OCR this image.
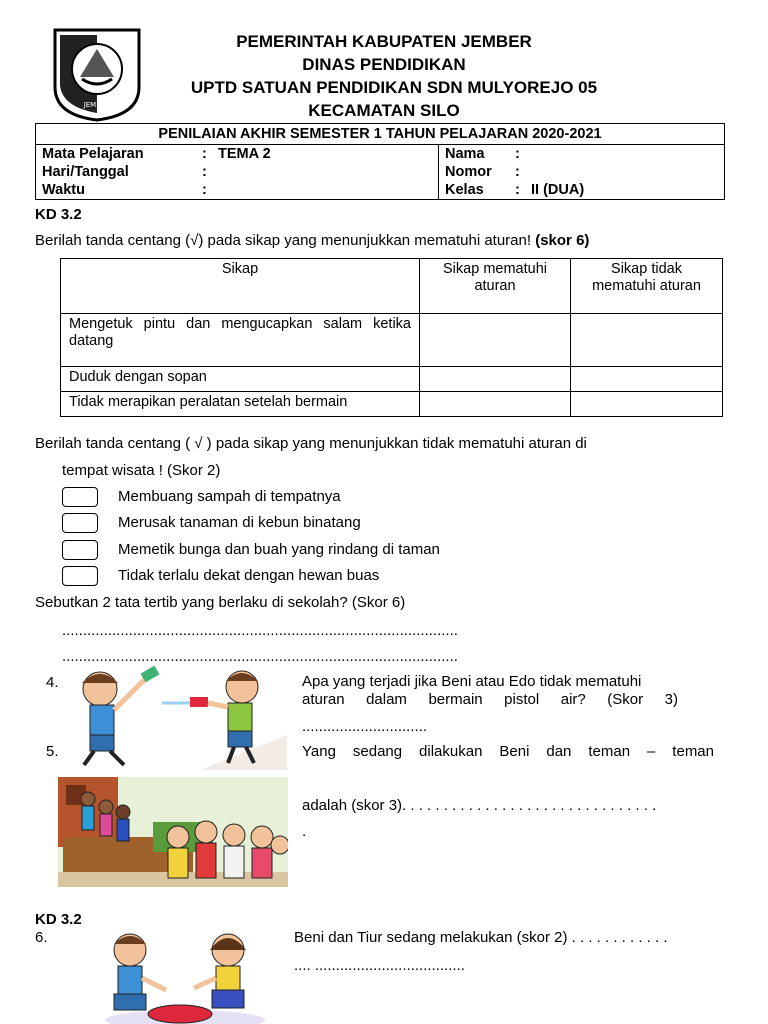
JEMBER
PEMERINTAH KABUPATEN JEMBER
DINAS PENDIDIKAN
UPTD SATUAN PENDIDIKAN SDN MULYOREJO 05
KECAMATAN SILO
PENILAIAN AKHIR SEMESTER 1 TAHUN PELAJARAN 2020-2021
Mata Pelajaran	: TEMA 2
Hari/Tanggal	:
Waktu	:
Nama	:
Nomor	:
Kelas	: II (DUA)
KD 3.2
Berilah tanda centang (√) pada sikap yang menunjukkan mematuhi aturan! (skor 6)
Sikap	Sikap mematuhi aturan	Sikap tidak mematuhi aturan
Mengetuk pintu dan mengucapkan salam ketika datang		
Duduk dengan sopan		
Tidak merapikan peralatan setelah bermain		
Berilah tanda centang ( √ ) pada sikap yang menunjukkan tidak mematuhi aturan di
tempat wisata ! (Skor 2)
Membuang sampah di tempatnya
Merusak tanaman di kebun binatang
Memetik bunga dan buah yang rindang di taman
Tidak terlalu dekat dengan hewan buas
Sebutkan 2 tata tertib yang berlaku di sekolah? (Skor 6)
...............................................................................................
...............................................................................................
4.	Apa yang terjadi jika Beni atau Edo tidak mematuhi
aturan dalam bermain pistol air? (Skor 3)
..............................
5.	Yang sedang dilakukan Beni dan teman – teman
adalah (skor 3). . . . . . . . . . . . . . . . . . . . . . . . . . . . . . .
.
KD 3.2
6.	Beni dan Tiur sedang melakukan (skor 2) . . . . . . . . . . . .
.... ....................................
